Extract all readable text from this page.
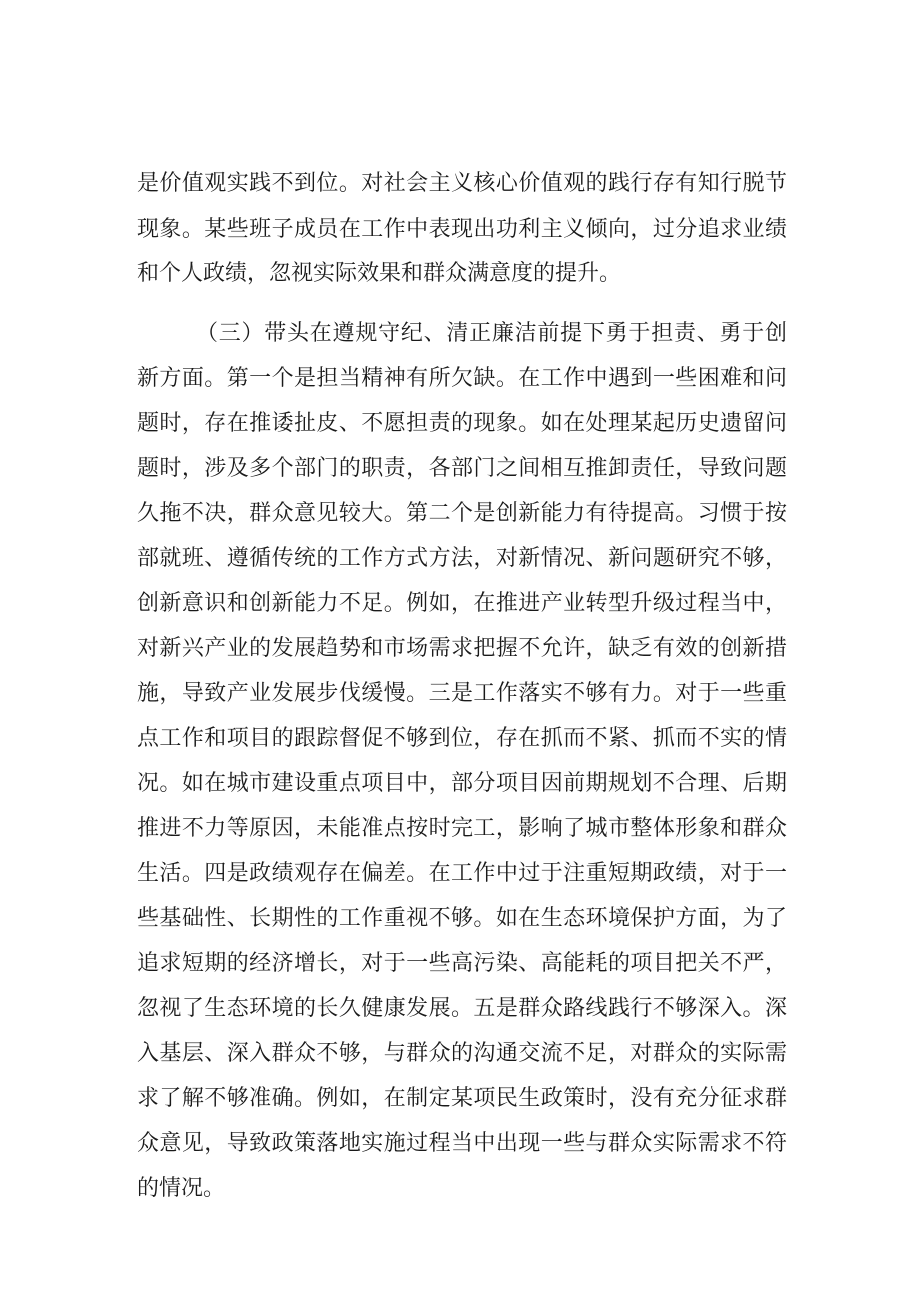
是价值观实践不到位。对社会主义核心价值观的践行存有知行脱节
现象。某些班子成员在工作中表现出功利主义倾向，过分追求业绩
和个人政绩，忽视实际效果和群众满意度的提升。
（三）带头在遵规守纪、清正廉洁前提下勇于担责、勇于创
新方面。第一个是担当精神有所欠缺。在工作中遇到一些困难和问
题时，存在推诿扯皮、不愿担责的现象。如在处理某起历史遗留问
题时，涉及多个部门的职责，各部门之间相互推卸责任，导致问题
久拖不决，群众意见较大。第二个是创新能力有待提高。习惯于按
部就班、遵循传统的工作方式方法，对新情况、新问题研究不够，
创新意识和创新能力不足。例如，在推进产业转型升级过程当中，
对新兴产业的发展趋势和市场需求把握不允许，缺乏有效的创新措
施，导致产业发展步伐缓慢。三是工作落实不够有力。对于一些重
点工作和项目的跟踪督促不够到位，存在抓而不紧、抓而不实的情
况。如在城市建设重点项目中，部分项目因前期规划不合理、后期
推进不力等原因，未能准点按时完工，影响了城市整体形象和群众
生活。四是政绩观存在偏差。在工作中过于注重短期政绩，对于一
些基础性、长期性的工作重视不够。如在生态环境保护方面，为了
追求短期的经济增长，对于一些高污染、高能耗的项目把关不严，
忽视了生态环境的长久健康发展。五是群众路线践行不够深入。深
入基层、深入群众不够，与群众的沟通交流不足，对群众的实际需
求了解不够准确。例如，在制定某项民生政策时，没有充分征求群
众意见，导致政策落地实施过程当中出现一些与群众实际需求不符
的情况。
